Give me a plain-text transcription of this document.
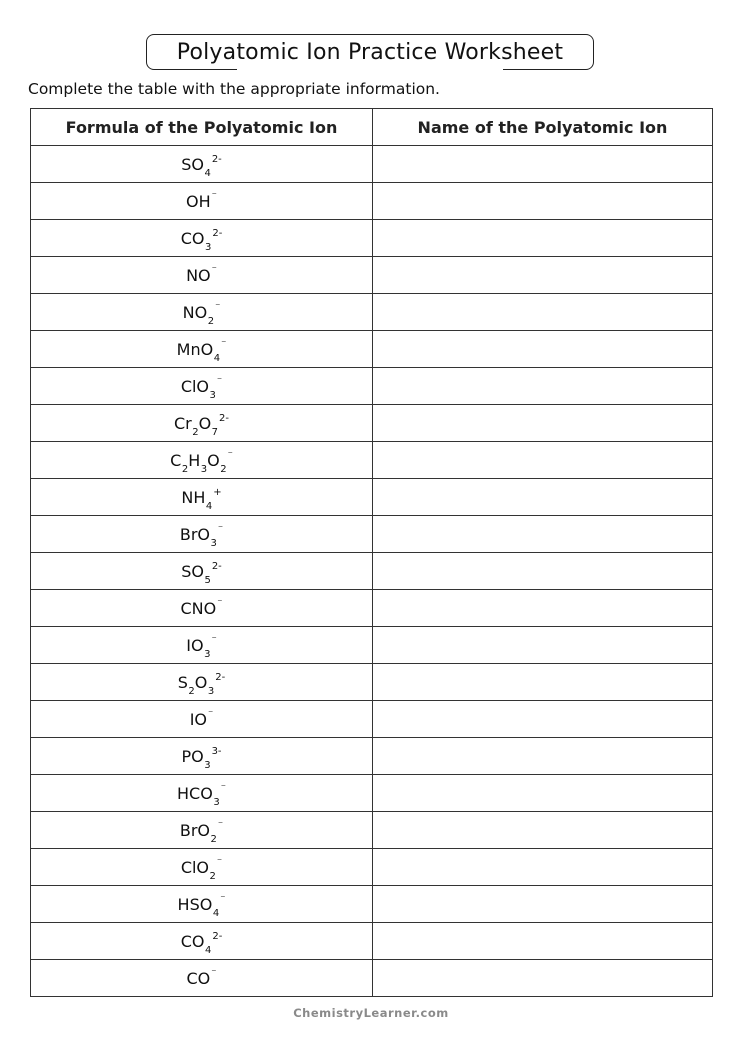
Polyatomic Ion Practice Worksheet
Complete the table with the appropriate information.
Formula of the Polyatomic Ion	Name of the Polyatomic Ion
$SO_4^{2-}$	
OH⁻	
$CO_3^{2-}$	
NO⁻	
$NO_2^{^-}$	
MnO$_4$⁻	
ClO$_3$⁻	
$Cr_2O_7^{2-}$	
$C_2H_3O_2^{^-}$	
$NH_4^+$	
BrO$_3$⁻	
$SO_5^{2-}$	
CNO⁻	
$IO_3^{^-}$	
$S_2O_3^{2-}$	
IO⁻	
$PO_3^{3-}$	
$HCO_3^{^-}$	
BrO$_2$⁻	
ClO$_2$⁻	
$HSO_4^{^-}$	
$CO_4^{2-}$	
CO⁻	
ChemistryLearner.com
